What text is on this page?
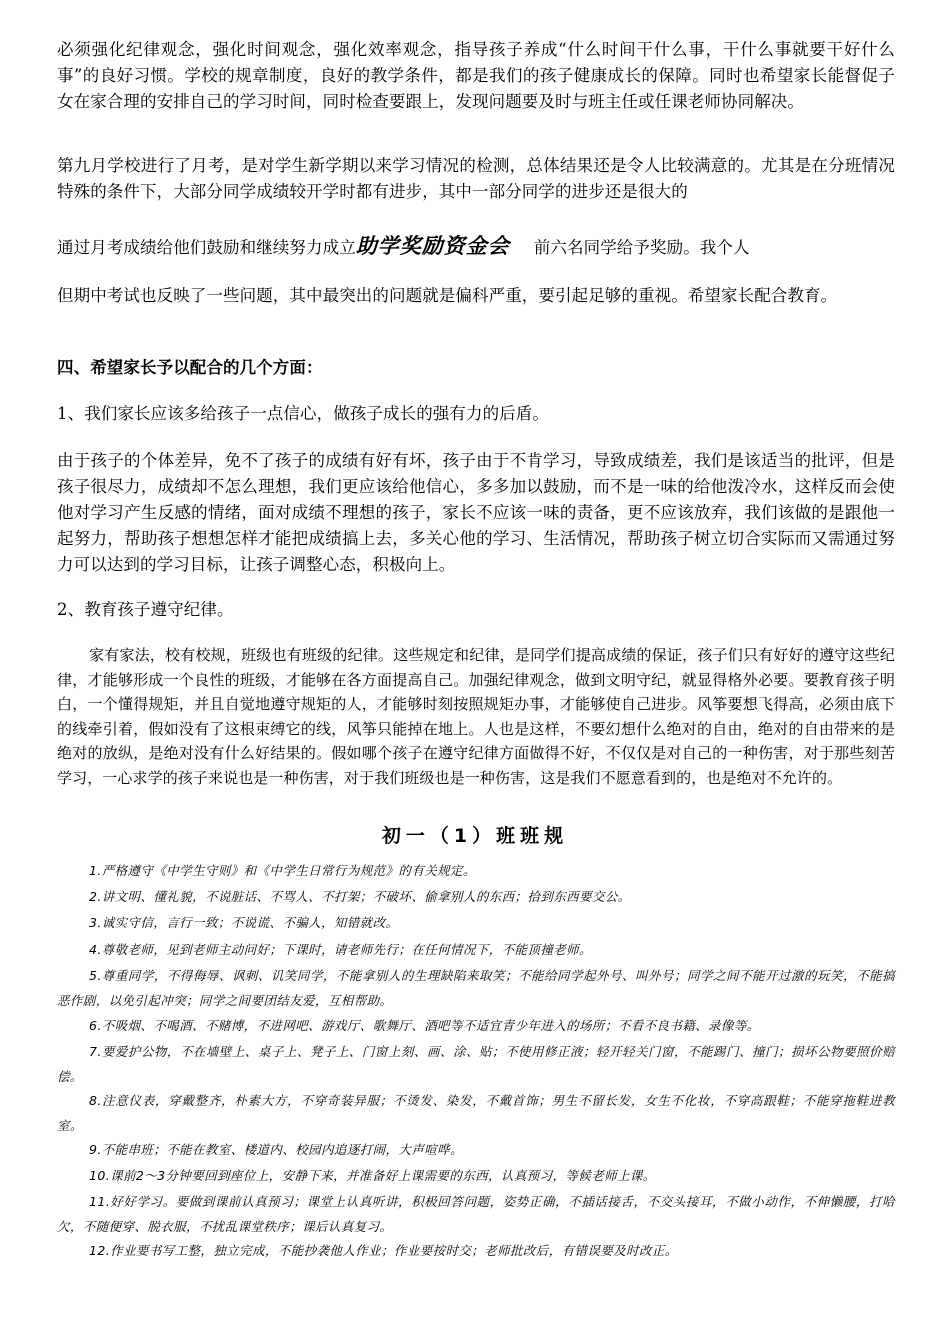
必须强化纪律观念，强化时间观念，强化效率观念，指导孩子养成“什么时间干什么事，干什么事就要干好什么事”的良好习惯。学校的规章制度，良好的教学条件，都是我们的孩子健康成长的保障。同时也希望家长能督促子女在家合理的安排自己的学习时间，同时检查要跟上，发现问题要及时与班主任或任课老师协同解决。
第九月学校进行了月考，是对学生新学期以来学习情况的检测，总体结果还是令人比较满意的。尤其是在分班情况特殊的条件下，大部分同学成绩较开学时都有进步，其中一部分同学的进步还是很大的
通过月考成绩给他们鼓励和继续努力成立助学奖励资金会 前六名同学给予奖励。我个人
但期中考试也反映了一些问题，其中最突出的问题就是偏科严重，要引起足够的重视。希望家长配合教育。
四、希望家长予以配合的几个方面：
1、我们家长应该多给孩子一点信心，做孩子成长的强有力的后盾。
由于孩子的个体差异，免不了孩子的成绩有好有坏，孩子由于不肯学习，导致成绩差，我们是该适当的批评，但是孩子很尽力，成绩却不怎么理想，我们更应该给他信心，多多加以鼓励，而不是一味的给他泼冷水，这样反而会使他对学习产生反感的情绪，面对成绩不理想的孩子，家长不应该一味的责备，更不应该放弃，我们该做的是跟他一起努力，帮助孩子想想怎样才能把成绩搞上去，多关心他的学习、生活情况，帮助孩子树立切合实际而又需通过努力可以达到的学习目标，让孩子调整心态，积极向上。
2、教育孩子遵守纪律。
家有家法，校有校规，班级也有班级的纪律。这些规定和纪律，是同学们提高成绩的保证，孩子们只有好好的遵守这些纪律，才能够形成一个良性的班级，才能够在各方面提高自己。加强纪律观念，做到文明守纪，就显得格外必要。要教育孩子明白，一个懂得规矩，并且自觉地遵守规矩的人，才能够时刻按照规矩办事，才能够使自己进步。风筝要想飞得高，必须由底下的线牵引着，假如没有了这根束缚它的线，风筝只能掉在地上。人也是这样，不要幻想什么绝对的自由，绝对的自由带来的是绝对的放纵，是绝对没有什么好结果的。假如哪个孩子在遵守纪律方面做得不好，不仅仅是对自己的一种伤害，对于那些刻苦学习，一心求学的孩子来说也是一种伤害，对于我们班级也是一种伤害，这是我们不愿意看到的，也是绝对不允许的。
初一（1）班班规
1.严格遵守《中学生守则》和《中学生日常行为规范》的有关规定。
2.讲文明、懂礼貌，不说脏话、不骂人、不打架；不破坏、偷拿别人的东西；拾到东西要交公。
3.诚实守信，言行一致；不说谎、不骗人，知错就改。
4.尊敬老师，见到老师主动问好；下课时，请老师先行；在任何情况下，不能顶撞老师。
5.尊重同学，不得侮辱、讽刺、讥笑同学，不能拿别人的生理缺陷来取笑；不能给同学起外号、叫外号；同学之间不能开过激的玩笑，不能搞恶作剧，以免引起冲突；同学之间要团结友爱，互相帮助。
6.不吸烟、不喝酒、不赌博，不进网吧、游戏厅、歌舞厅、酒吧等不适宜青少年进入的场所；不看不良书籍、录像等。
7.要爱护公物，不在墙壁上、桌子上、凳子上、门窗上刻、画、涂、贴；不使用修正液；轻开轻关门窗，不能踢门、撞门；损坏公物要照价赔偿。
8.注意仪表，穿戴整齐，朴素大方，不穿奇装异服；不烫发、染发，不戴首饰；男生不留长发，女生不化妆，不穿高跟鞋；不能穿拖鞋进教室。
9.不能串班；不能在教室、楼道内、校园内追逐打闹，大声喧哗。
10.课前2～3分钟要回到座位上，安静下来，并准备好上课需要的东西，认真预习，等候老师上课。
11.好好学习。要做到课前认真预习；课堂上认真听讲，积极回答问题，姿势正确，不插话接舌，不交头接耳，不做小动作，不伸懒腰，打哈欠，不随便穿、脱衣服，不扰乱课堂秩序；课后认真复习。
12.作业要书写工整，独立完成，不能抄袭他人作业；作业要按时交；老师批改后，有错误要及时改正。
